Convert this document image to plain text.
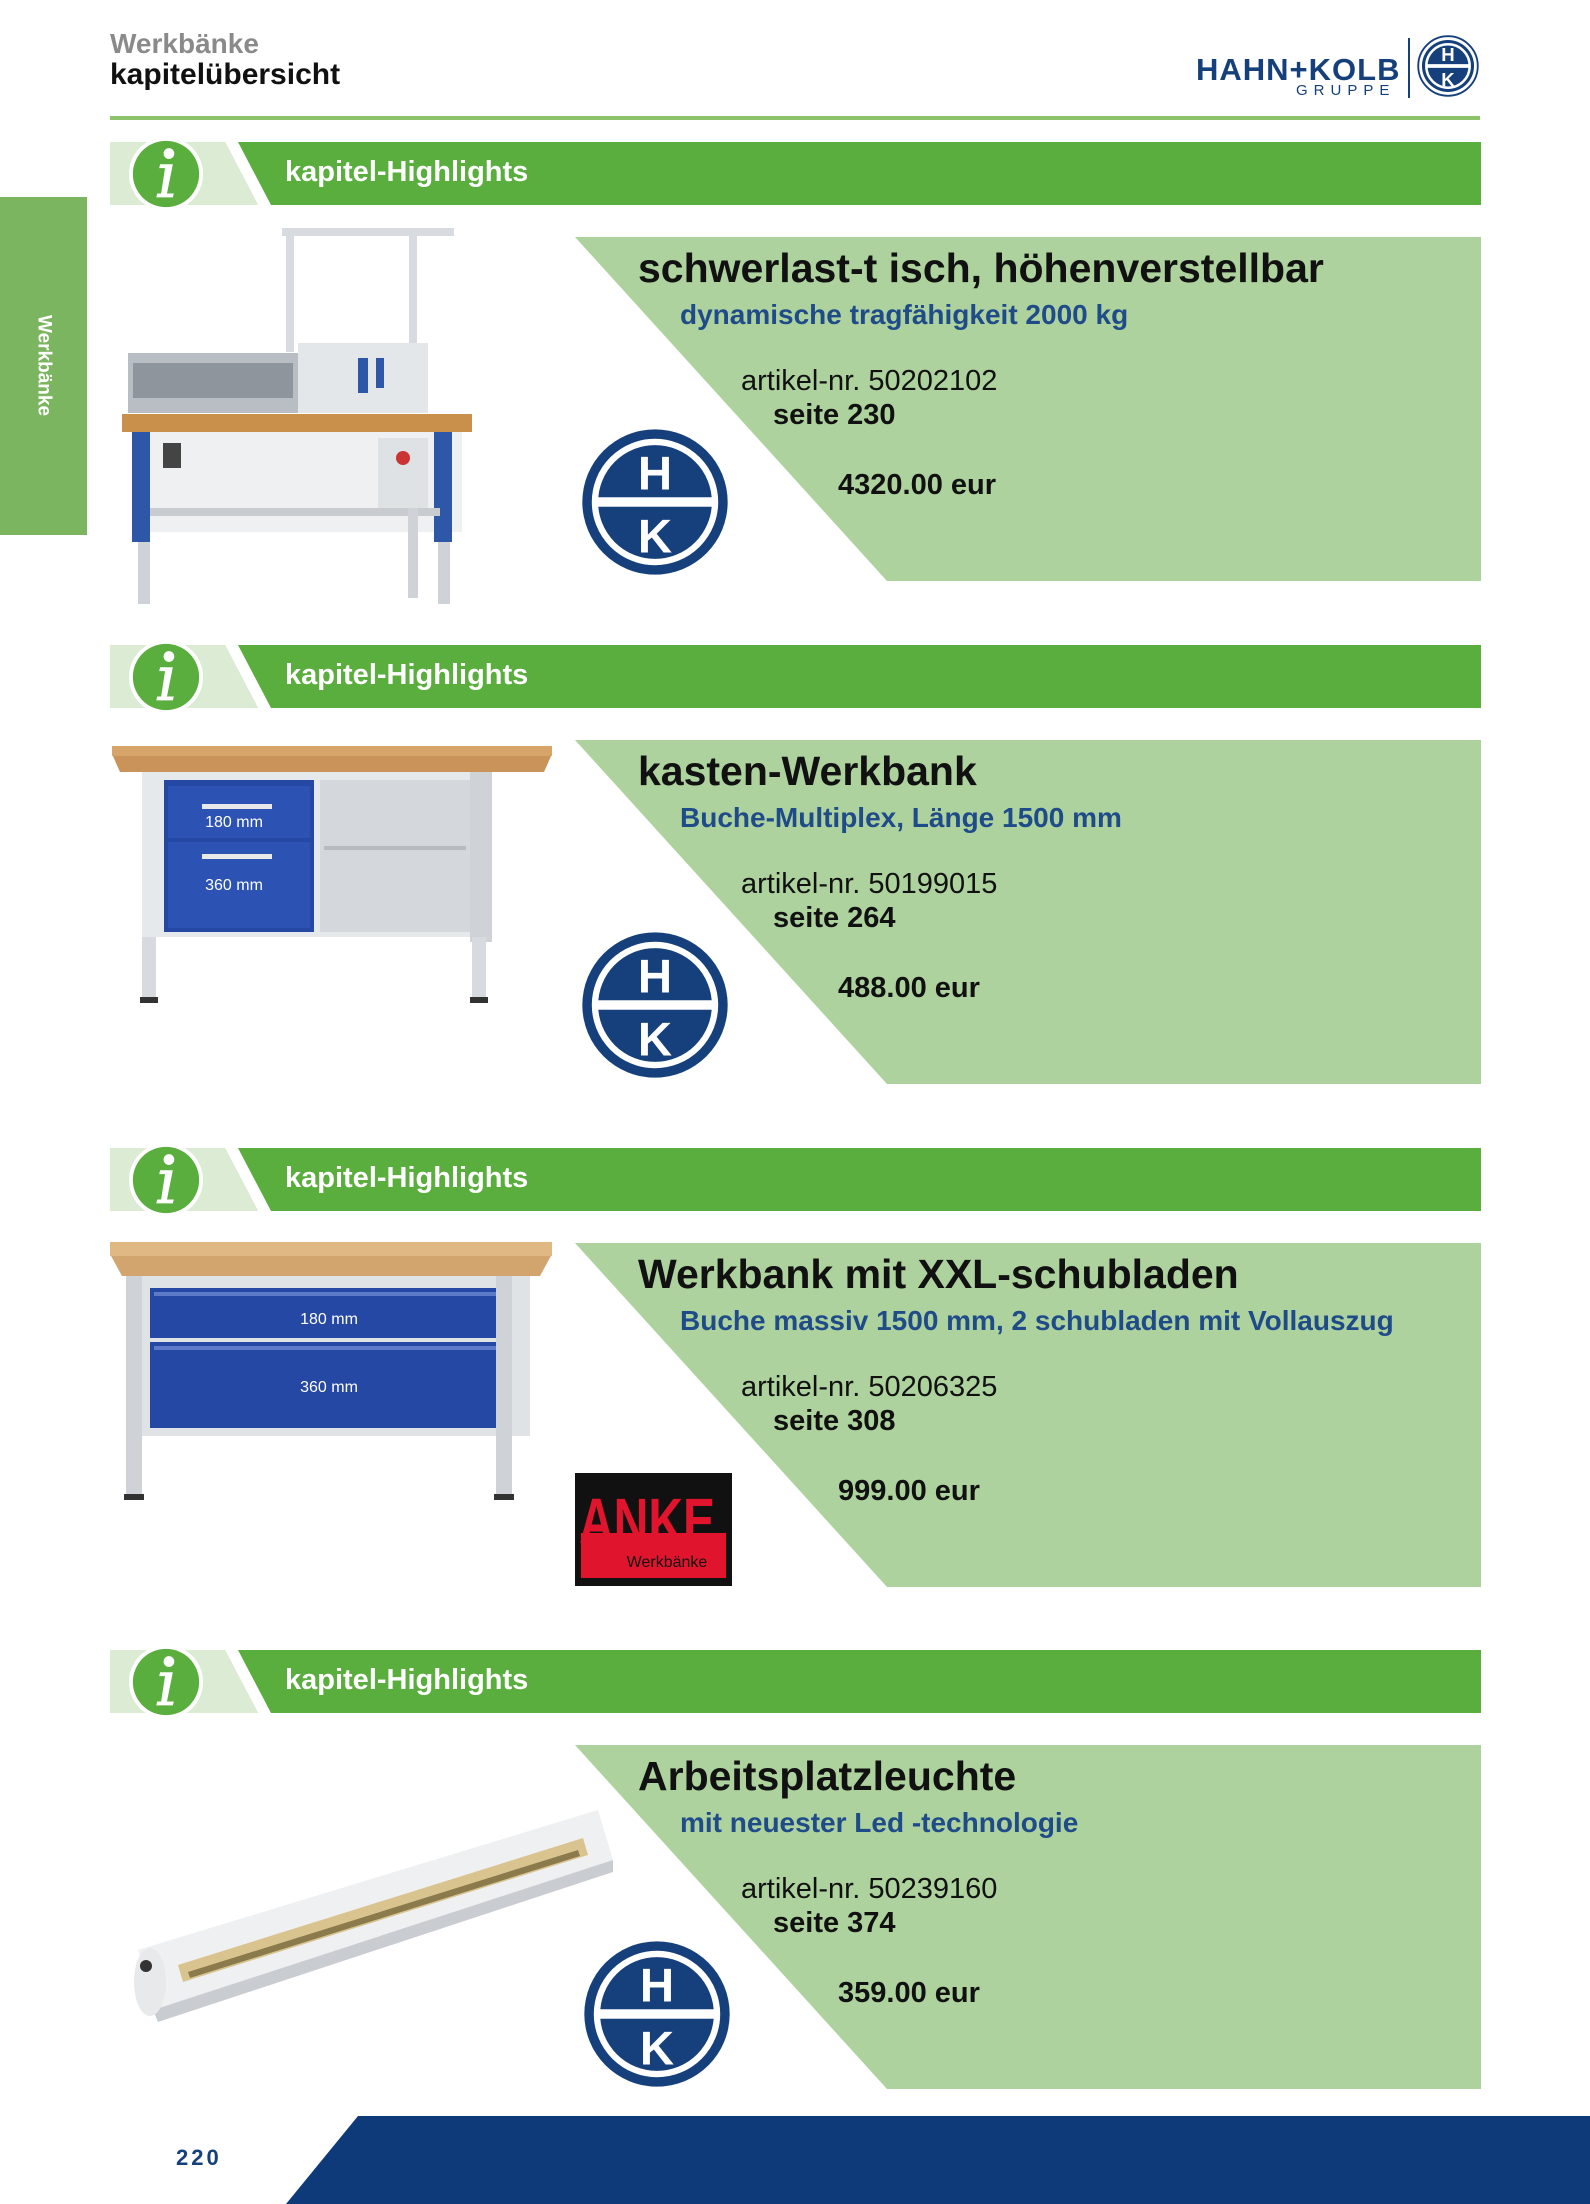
Werkbänke
kapitelübersicht	HAHN+KOLB
GRUPPE
H
K
Werkbänke
kapitel-Highlights
schwerlast-t isch, höhenverstellbar
dynamische tragfähigkeit 2000 kg
artikel-nr. 50202102
seite 230
4320.00 eur
H
K
kapitel-Highlights
kasten-Werkbank
Buche-Multiplex, Länge 1500 mm
artikel-nr. 50199015
seite 264
488.00 eur
H
K
180 mm
360 mm
kapitel-Highlights
Werkbank mit XXL-schubladen
Buche massiv 1500 mm, 2 schubladen mit Vollauszug
artikel-nr. 50206325
seite 308
999.00 eur
ANKE
Werkbänke
180 mm
360 mm
kapitel-Highlights
Arbeitsplatzleuchte
mit neuester Led -technologie
artikel-nr. 50239160
seite 374
359.00 eur
H
K
220
